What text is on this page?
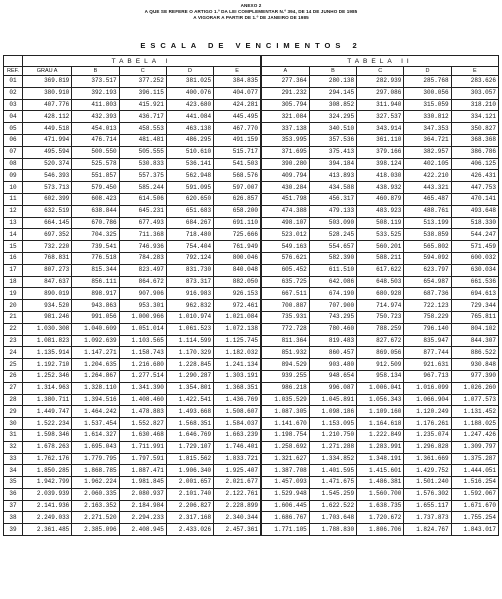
ANEXO 2
A QUE SE REFERE O ARTIGO 1.º DA LEI COMPLEMENTAR N.º 394, DE 14 DE JUNHO DE 1985
A VIGORAR A PARTIR DE 1.º DE JANEIRO DE 1985
ESCALA DE VENCIMENTOS 2
	TABELA I					TABELA II				
REF.	GRAU A	B	C	D	E	A	B	C	D	E
01	369.819	373.517	377.252	381.025	384.835	277.364	280.138	282.939	285.768	283.626
02	380.910	392.193	396.115	400.076	404.077	291.232	294.145	297.086	300.056	303.057
03	407.776	411.803	415.921	423.680	424.281	305.794	308.852	311.940	315.059	318.210
04	428.112	432.393	436.717	441.084	445.495	321.084	324.295	327.537	330.812	334.121
05	449.518	454.013	458.553	463.138	467.770	337.138	340.510	343.914	347.353	350.827
06	471.994	476.714	481.481	486.295	491.159	353.995	357.536	361.110	364.721	368.368
07	495.594	500.550	505.555	510.610	515.717	371.695	375.413	379.166	382.957	386.786
08	520.374	525.578	530.833	536.141	541.503	390.280	394.184	398.124	402.105	406.125
09	546.393	551.857	557.375	562.948	568.576	409.794	413.893	418.030	422.210	426.431
10	573.713	579.450	585.244	591.095	597.007	430.284	434.588	438.932	443.321	447.753
11	602.399	608.423	614.506	620.650	626.857	451.798	456.317	460.879	465.487	470.141
12	632.519	638.844	645.231	651.683	658.200	474.388	479.133	483.923	488.761	493.648
13	664.145	670.786	677.493	684.267	691.110	498.107	503.090	508.119	513.199	518.330
14	697.352	704.325	711.368	718.480	725.666	523.012	528.245	533.525	538.859	544.247
15	732.220	739.541	746.936	754.404	761.949	549.163	554.657	560.201	565.802	571.459
16	768.831	776.518	784.283	792.124	800.046	576.621	582.390	588.211	594.092	600.032
17	807.273	815.344	823.497	831.730	840.048	605.452	611.510	617.622	623.797	630.034
18	847.637	856.111	864.672	873.317	882.050	635.725	642.086	648.503	654.987	661.536
19	890.019	898.917	907.906	916.983	926.153	667.511	674.190	680.928	687.736	694.613
20	934.520	943.863	953.301	962.832	972.461	700.887	707.900	714.974	722.123	729.344
21	981.246	991.056	1.000.966	1.010.974	1.021.084	735.931	743.295	750.723	758.229	765.811
22	1.030.308	1.040.609	1.051.014	1.061.523	1.072.138	772.728	780.460	788.259	796.140	804.102
23	1.081.823	1.092.639	1.103.565	1.114.599	1.125.745	811.364	819.483	827.672	835.947	844.307
24	1.135.914	1.147.271	1.158.743	1.170.329	1.182.032	851.932	860.457	869.056	877.744	886.522
25	1.192.710	1.204.635	1.216.680	1.228.845	1.241.134	894.529	903.480	912.509	921.631	930.848
26	1.252.346	1.264.867	1.277.514	1.290.287	1.303.191	939.255	948.654	958.134	967.713	977.390
27	1.314.963	1.328.110	1.341.390	1.354.801	1.368.351	986.218	996.087	1.006.041	1.016.099	1.026.260
28	1.380.711	1.394.516	1.408.460	1.422.541	1.436.769	1.035.529	1.045.891	1.056.343	1.066.904	1.077.573
29	1.449.747	1.464.242	1.478.883	1.493.668	1.508.607	1.087.305	1.098.186	1.109.160	1.120.249	1.131.452
30	1.522.234	1.537.454	1.552.827	1.568.351	1.584.037	1.141.670	1.153.095	1.164.618	1.176.261	1.188.025
31	1.598.346	1.614.327	1.630.468	1.646.769	1.663.239	1.198.754	1.210.750	1.222.849	1.235.074	1.247.426
32	1.678.263	1.695.043	1.711.991	1.729.107	1.746.401	1.258.692	1.271.288	1.283.991	1.296.828	1.309.797
33	1.762.176	1.779.795	1.797.591	1.815.562	1.833.721	1.321.627	1.334.852	1.348.191	1.361.669	1.375.287
34	1.850.285	1.868.785	1.887.471	1.906.340	1.925.407	1.387.708	1.401.595	1.415.601	1.429.752	1.444.051
35	1.942.799	1.962.224	1.981.845	2.001.657	2.021.677	1.457.093	1.471.675	1.486.381	1.501.240	1.516.254
36	2.039.939	2.060.335	2.080.937	2.101.740	2.122.761	1.529.948	1.545.259	1.560.700	1.576.302	1.592.067
37	2.141.936	2.163.352	2.184.984	2.206.827	2.228.899	1.606.445	1.622.522	1.638.735	1.655.117	1.671.670
38	2.249.033	2.271.520	2.294.233	2.317.168	2.340.344	1.686.767	1.703.648	1.720.672	1.737.873	1.755.254
39	2.361.485	2.385.096	2.408.945	2.433.026	2.457.361	1.771.105	1.788.830	1.806.706	1.824.767	1.843.017
